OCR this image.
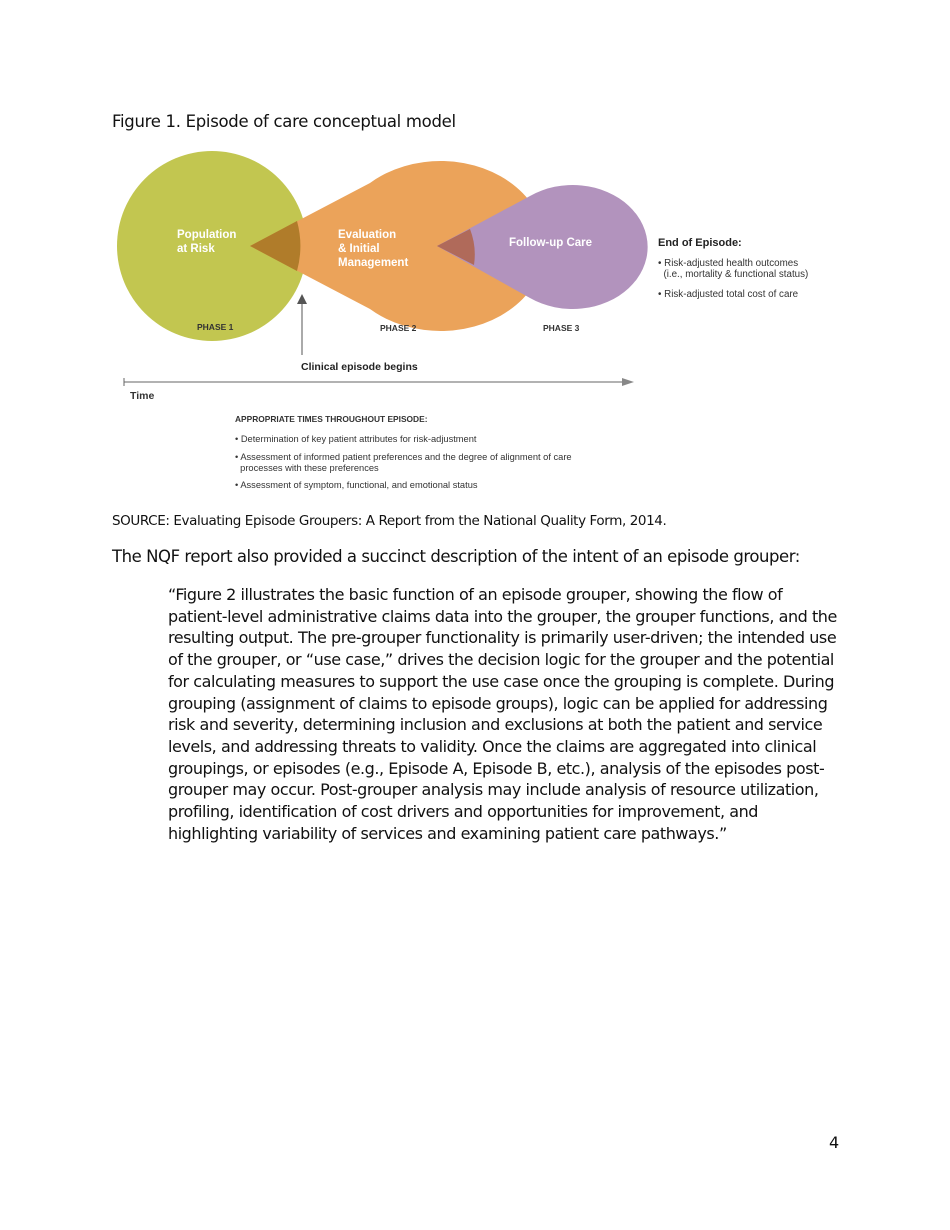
Figure 1. Episode of care conceptual model
Population
at Risk
Evaluation
& Initial
Management
Follow-up Care
PHASE 1	PHASE 2	PHASE 3
End of Episode:
• Risk-adjusted health outcomes
(i.e., mortality & functional status)
• Risk-adjusted total cost of care
Clinical episode begins
Time
APPROPRIATE TIMES THROUGHOUT EPISODE:
• Determination of key patient attributes for risk-adjustment
• Assessment of informed patient preferences and the degree of alignment of care
processes with these preferences
• Assessment of symptom, functional, and emotional status
SOURCE: Evaluating Episode Groupers: A Report from the National Quality Form, 2014.
The NQF report also provided a succinct description of the intent of an episode grouper:
“Figure 2 illustrates the basic function of an episode grouper, showing the flow of
patient-level administrative claims data into the grouper, the grouper functions, and the
resulting output. The pre-grouper functionality is primarily user-driven; the intended use
of the grouper, or “use case,” drives the decision logic for the grouper and the potential
for calculating measures to support the use case once the grouping is complete. During
grouping (assignment of claims to episode groups), logic can be applied for addressing
risk and severity, determining inclusion and exclusions at both the patient and service
levels, and addressing threats to validity. Once the claims are aggregated into clinical
groupings, or episodes (e.g., Episode A, Episode B, etc.), analysis of the episodes post-
grouper may occur. Post-grouper analysis may include analysis of resource utilization,
profiling, identification of cost drivers and opportunities for improvement, and
highlighting variability of services and examining patient care pathways.”
4
